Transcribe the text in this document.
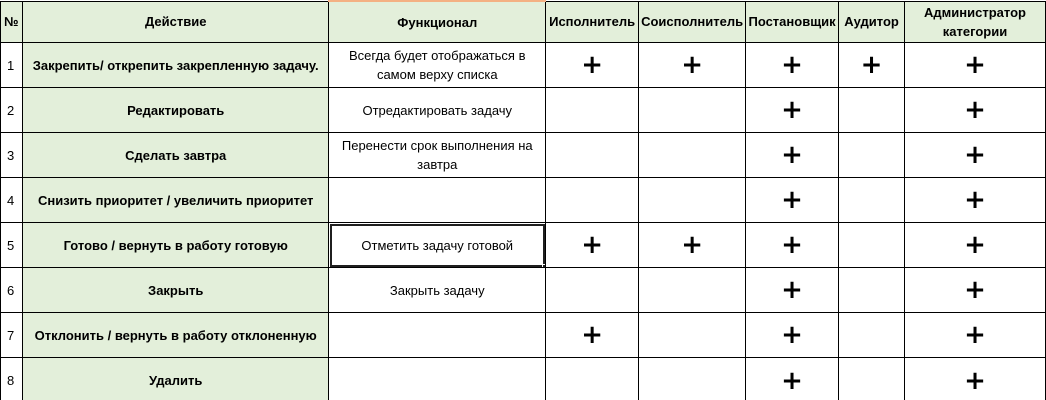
№	Действие	Функционал	Исполнитель	Соисполнитель	Постановщик	Аудитор	Администратор категории
1	Закрепить/ открепить закрепленную задачу.	Всегда будет отображаться в самом верху списка	+	+	+	+	+
2	Редактировать	Отредактировать задачу			+		+
3	Сделать завтра	Перенести срок выполнения на завтра			+		+
4	Снизить приоритет / увеличить приоритет				+		+
5	Готово / вернуть в работу готовую	Отметить задачу готовой	+	+	+		+
6	Закрыть	Закрыть задачу			+		+
7	Отклонить / вернуть в работу отклоненную		+		+		+
8	Удалить				+		+
